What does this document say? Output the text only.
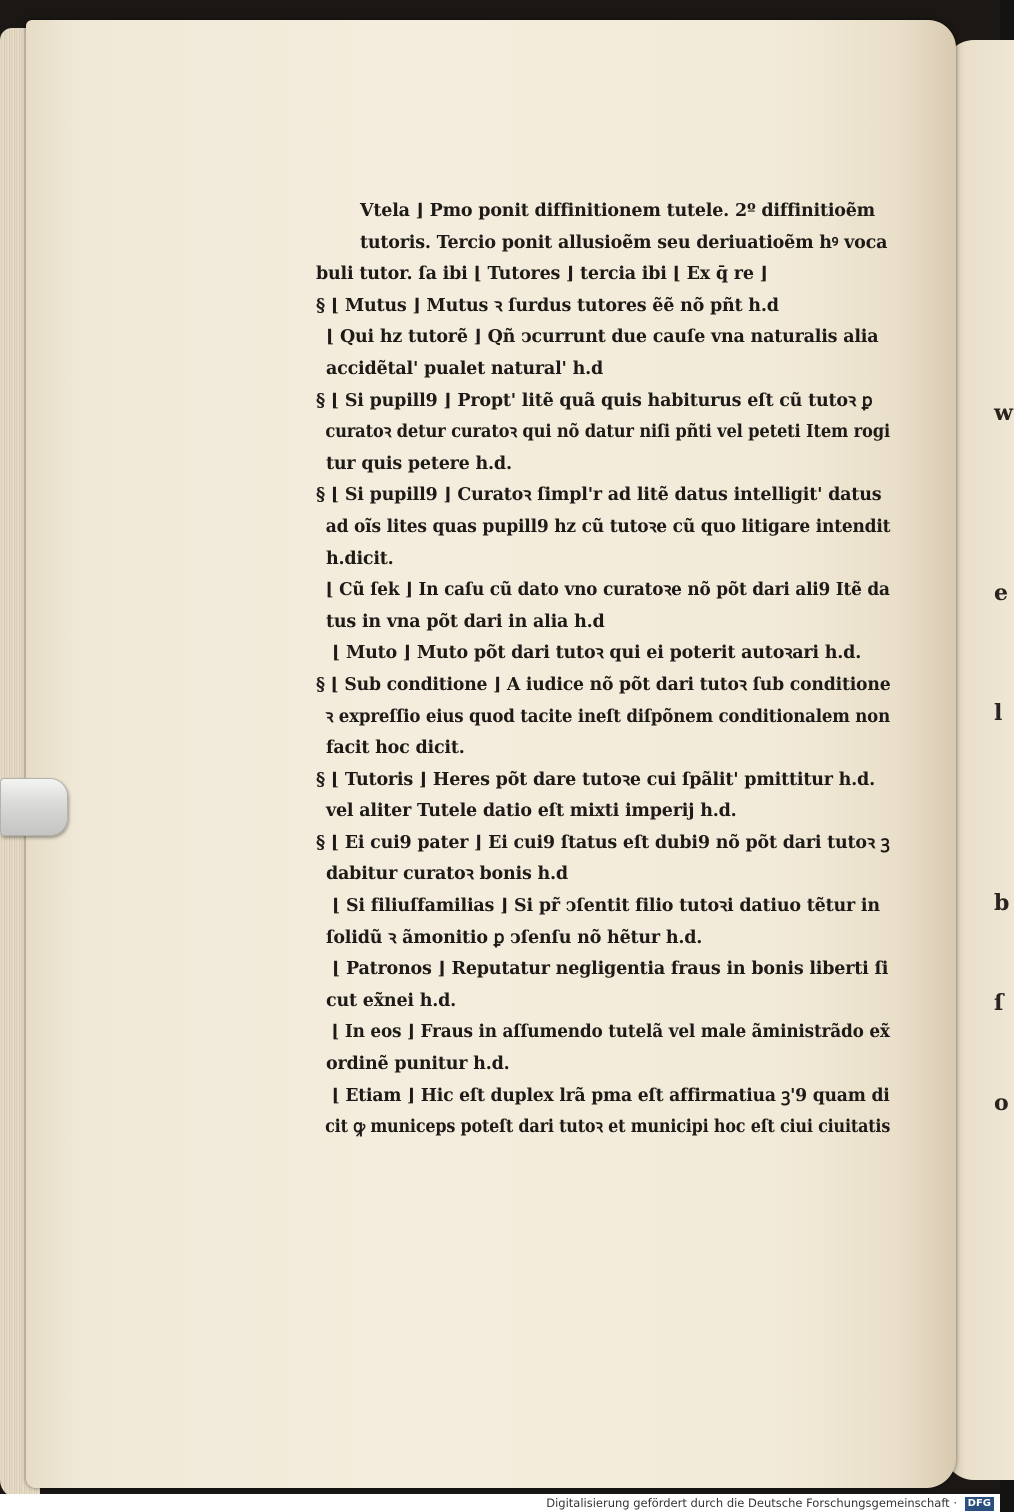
w
e
l
b
ſ
o
Vtela ⌋ Pmo ponit diffinitionem tutele. 2º diffinitioẽm
tutoris. Tercio ponit allusioẽm seu deriuatioẽm hꝰ voca
buli tutor. ſa ibi ⌊ Tutores ⌋ tercia ibi ⌊ Ex q̄ re ⌋
§ ⌊ Mutus ⌋ Mutus ꝛ ſurdus tutores ẽẽ nõ pñt h.d
⌊ Qui hz tutorẽ ⌋ Qñ ↄcurrunt due cauſe vna naturalis alia
accidẽtal' pualet natural' h.d
§ ⌊ Si pupill9 ⌋ Propt' litẽ quã quis habiturus eſt cũ tutoꝛ ꝑ
curatoꝛ detur curatoꝛ qui nõ datur niſi pñti vel peteti Item rogi
tur quis petere h.d.
§ ⌊ Si pupill9 ⌋ Curatoꝛ ſimpl'r ad litẽ datus intelligit' datus
ad oĩs lites quas pupill9 hz cũ tutoꝛe cũ quo litigare intendit
h.dicit.
⌊ Cũ ſek ⌋ In caſu cũ dato vno curatoꝛe nõ põt dari ali9 Itẽ da
tus in vna põt dari in alia h.d
⌊ Muto ⌋ Muto põt dari tutoꝛ qui ei poterit autoꝛari h.d.
§ ⌊ Sub conditione ⌋ A iudice nõ põt dari tutoꝛ ſub conditione
ꝛ expreſſio eius quod tacite ineſt diſpõnem conditionalem non
facit hoc dicit.
§ ⌊ Tutoris ⌋ Heres põt dare tutoꝛe cui ſpãlit' pmittitur h.d.
vel aliter Tutele datio eſt mixti imperij h.d.
§ ⌊ Ei cui9 pater ⌋ Ei cui9 ſtatus eſt dubi9 nõ põt dari tutoꝛ ꝫ
dabitur curatoꝛ bonis h.d
⌊ Si filiuſfamilias ⌋ Si pr̃ ↄſentit filio tutoꝛi datiuo tẽtur in
ſolidũ ꝛ ãmonitio ꝑ ↄſenſu nõ hẽtur h.d.
⌊ Patronos ⌋ Reputatur negligentia fraus in bonis liberti ſi
cut ex̃nei h.d.
⌊ In eos ⌋ Fraus in aſſumendo tutelã vel male ãministrãdo ex̃
ordinẽ punitur h.d.
⌊ Etiam ⌋ Hic eſt duplex lrã pma eſt affirmatiua ꝫ'9 quam di
cit ꝙ municeps poteſt dari tutoꝛ et municipi hoc eſt ciui ciuitatis
Digitalisierung gefördert durch die Deutsche Forschungsgemeinschaft · DFG
